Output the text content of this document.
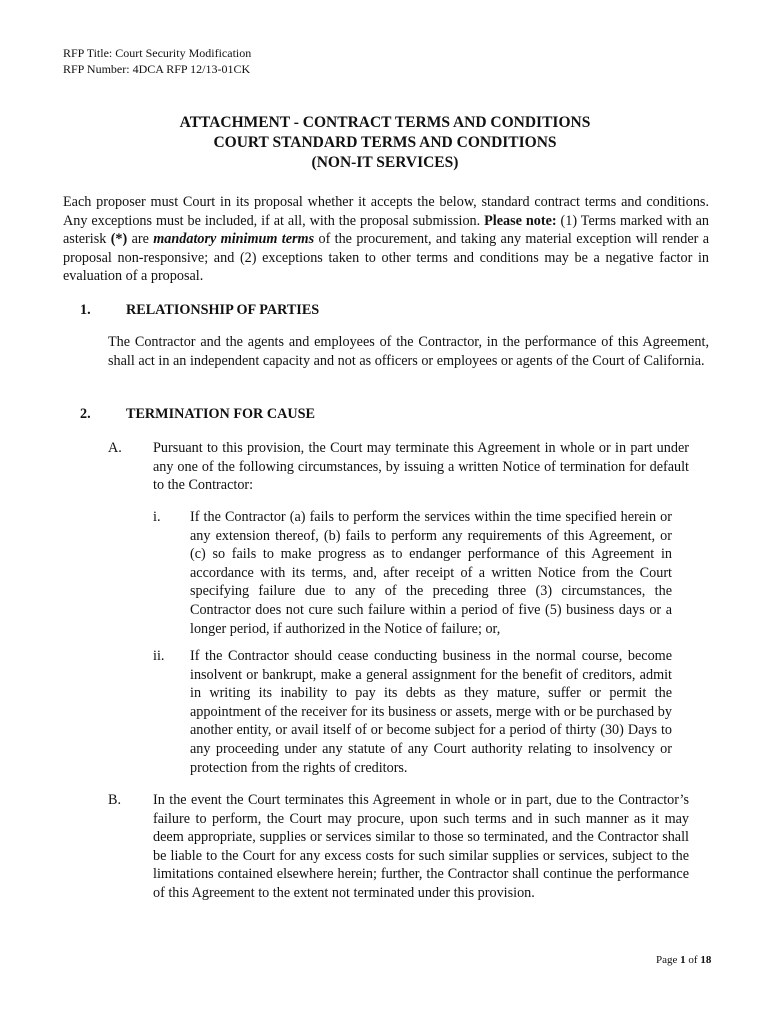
RFP Title: Court Security Modification
RFP Number: 4DCA RFP 12/13-01CK
ATTACHMENT - CONTRACT TERMS AND CONDITIONS
COURT STANDARD TERMS AND CONDITIONS
(NON-IT SERVICES)

Each proposer must Court in its proposal whether it accepts the below, standard contract terms and conditions. Any exceptions must be included, if at all, with the proposal submission. Please note: (1) Terms marked with an asterisk (*) are mandatory minimum terms of the procurement, and taking any material exception will render a proposal non-responsive; and (2) exceptions taken to other terms and conditions may be a negative factor in evaluation of a proposal.

1. RELATIONSHIP OF PARTIES

The Contractor and the agents and employees of the Contractor, in the performance of this Agreement, shall act in an independent capacity and not as officers or employees or agents of the Court of California.

2. TERMINATION FOR CAUSE
A. Pursuant to this provision, the Court may terminate this Agreement in whole or in part under any one of the following circumstances, by issuing a written Notice of termination for default to the Contractor:

i. If the Contractor (a) fails to perform the services within the time specified herein or any extension thereof, (b) fails to perform any requirements of this Agreement, or (c) so fails to make progress as to endanger performance of this Agreement in accordance with its terms, and, after receipt of a written Notice from the Court specifying failure due to any of the preceding three (3) circumstances, the Contractor does not cure such failure within a period of five (5) business days or a longer period, if authorized in the Notice of failure; or,

ii. If the Contractor should cease conducting business in the normal course, become insolvent or bankrupt, make a general assignment for the benefit of creditors, admit in writing its inability to pay its debts as they mature, suffer or permit the appointment of the receiver for its business or assets, merge with or be purchased by another entity, or avail itself of or become subject for a period of thirty (30) Days to any proceeding under any statute of any Court authority relating to insolvency or protection from the rights of creditors.

B. In the event the Court terminates this Agreement in whole or in part, due to the Contractor’s failure to perform, the Court may procure, upon such terms and in such manner as it may deem appropriate, supplies or services similar to those so terminated, and the Contractor shall be liable to the Court for any excess costs for such similar supplies or services, subject to the limitations contained elsewhere herein; further, the Contractor shall continue the performance of this Agreement to the extent not terminated under this provision.

Page 1 of 18
